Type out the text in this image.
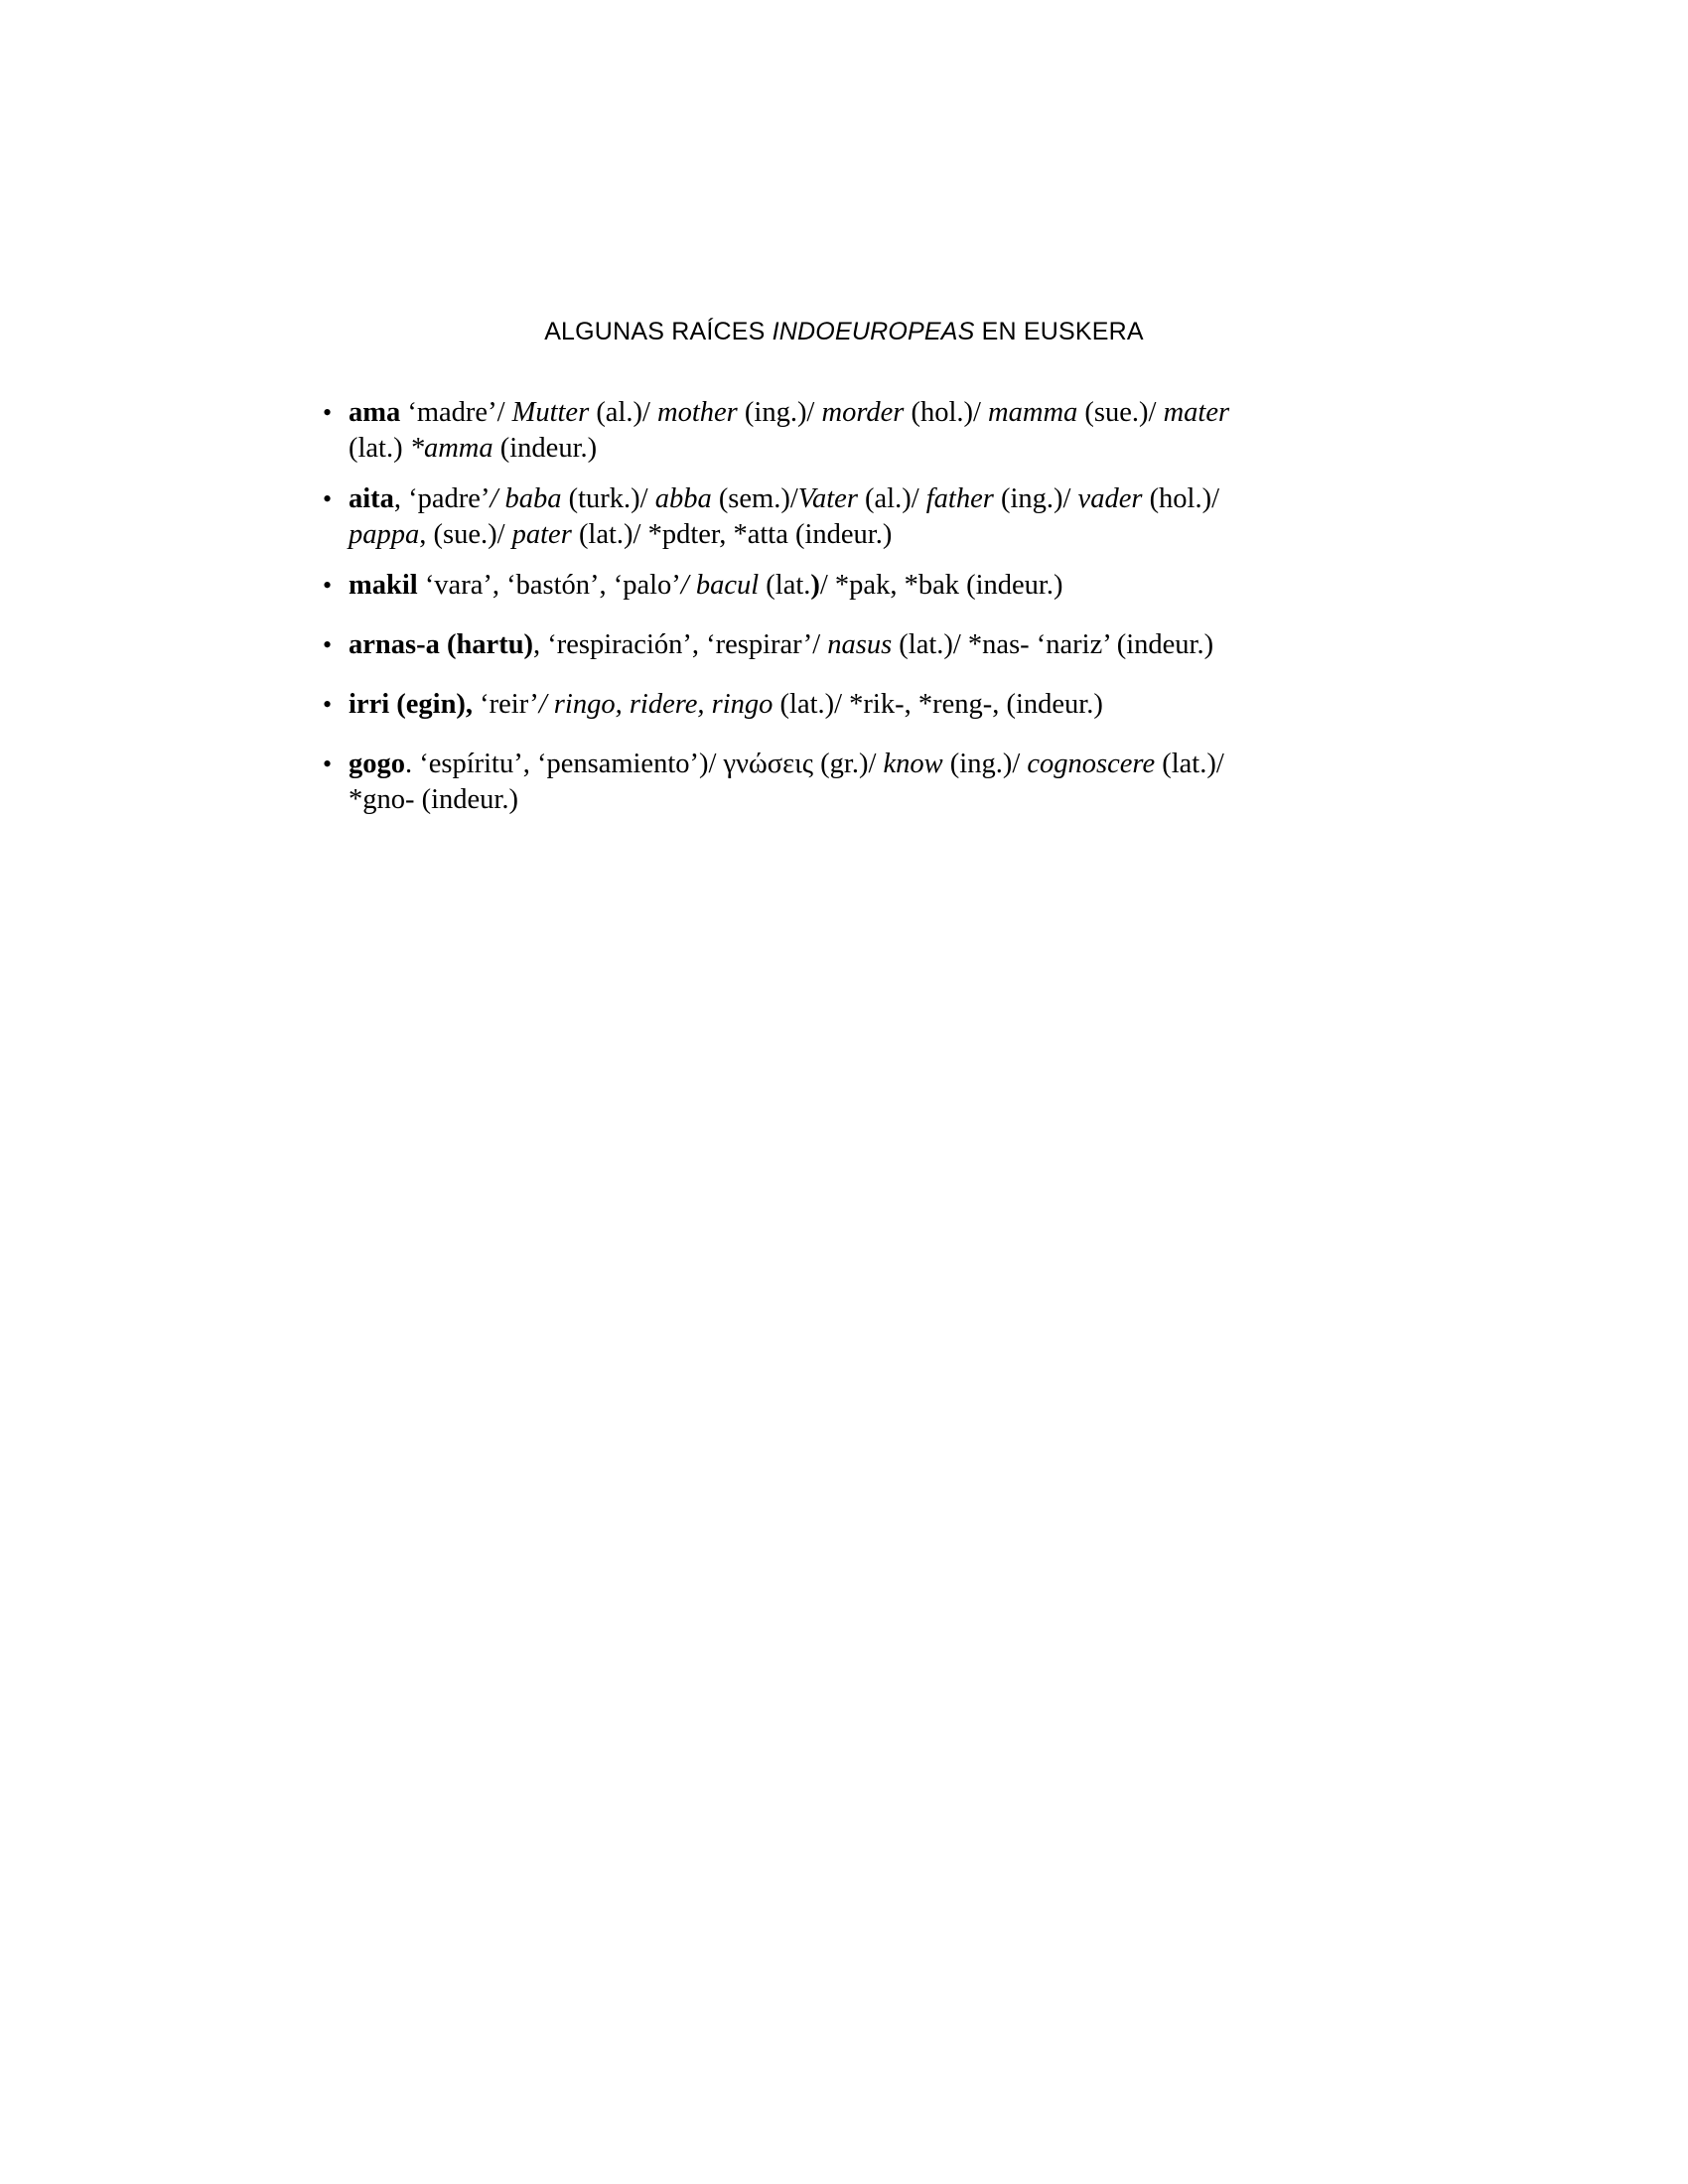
ALGUNAS RAÍCES INDOEUROPEAS EN EUSKERA
• ama ‘madre’/ Mutter (al.)/ mother (ing.)/ morder (hol.)/ mamma (sue.)/ mater
(lat.) *amma (indeur.)
• aita, ‘padre’/ baba (turk.)/ abba (sem.)/Vater (al.)/ father (ing.)/ vader (hol.)/
pappa, (sue.)/ pater (lat.)/ *pdter, *atta (indeur.)
• makil ‘vara’, ‘bastón’, ‘palo’/ bacul (lat.)/ *pak, *bak (indeur.)
• arnas-a (hartu), ‘respiración’, ‘respirar’/ nasus (lat.)/ *nas- ‘nariz’ (indeur.)
• irri (egin), ‘reir’/ ringo, ridere, ringo (lat.)/ *rik-, *reng-, (indeur.)
• gogo. ‘espíritu’, ‘pensamiento’)/ γνώσεις (gr.)/ know (ing.)/ cognoscere (lat.)/
*gno- (indeur.)
